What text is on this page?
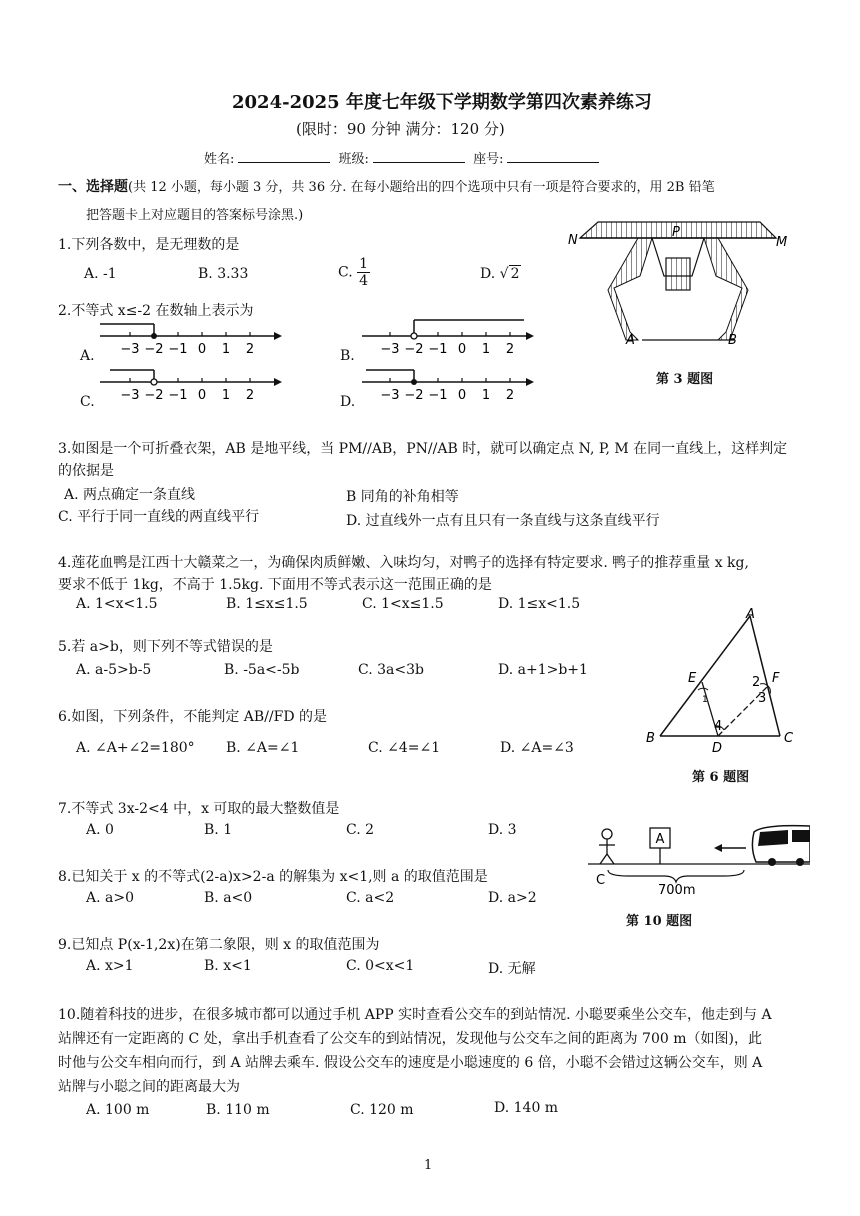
2024-2025 年度七年级下学期数学第四次素养练习
(限时：90 分钟 满分：120 分)
姓名:	班级:	座号:
一、选择题(共 12 小题，每小题 3 分，共 36 分. 在每小题给出的四个选项中只有一项是符合要求的，用 2B 铅笔
把答题卡上对应题目的答案标号涂黑.)
1.下列各数中，是无理数的是
A. -1	B. 3.33	C. $\frac{1}{4}$	D. √ 2
2.不等式 x≤-2 在数轴上表示为
A.	B.
C.	D.
−3 −2 −1 0 1 2	−3 −2 −1 0 1 2
−3 −2 −1 0 1 2	−3 −2 −1 0 1 2
N
P
M
A	B
第 3 题图
3.如图是一个可折叠衣架，AB 是地平线，当 PM//AB，PN//AB 时，就可以确定点 N, P, M 在同一直线上，这样判定
的依据是
A. 两点确定一条直线	B 同角的补角相等
C. 平行于同一直线的两直线平行	D. 过直线外一点有且只有一条直线与这条直线平行
4.莲花血鸭是江西十大赣菜之一，为确保肉质鲜嫩、入味均匀，对鸭子的选择有特定要求. 鸭子的推荐重量 x kg,
要求不低于 1kg，不高于 1.5kg. 下面用不等式表示这一范围正确的是
A. 1<x<1.5	B. 1≤x≤1.5	C. 1<x≤1.5	D. 1≤x<1.5
5.若 a>b，则下列不等式错误的是
A. a-5>b-5	B. -5a<-5b	C. 3a<3b	D. a+1>b+1
A
B	C
D
E	F
1
2
3
4
第 6 题图
6.如图，下列条件，不能判定 AB//FD 的是
A. ∠A+∠2=180° B. ∠A=∠1	C. ∠4=∠1	D. ∠A=∠3
7.不等式 3x-2<4 中，x 可取的最大整数值是
A. 0	B. 1	C. 2	D. 3
A
C
700m
第 10 题图
8.已知关于 x 的不等式(2-a)x>2-a 的解集为 x<1,则 a 的取值范围是
A. a>0	B. a<0	C. a<2	D. a>2
9.已知点 P(x-1,2x)在第二象限，则 x 的取值范围为
A. x>1	B. x<1	C. 0<x<1	D. 无解
10.随着科技的进步，在很多城市都可以通过手机 APP 实时查看公交车的到站情况. 小聪要乘坐公交车，他走到与 A
站牌还有一定距离的 C 处，拿出手机查看了公交车的到站情况，发现他与公交车之间的距离为 700 m（如图)，此
时他与公交车相向而行，到 A 站牌去乘车. 假设公交车的速度是小聪速度的 6 倍，小聪不会错过这辆公交车，则 A
站牌与小聪之间的距离最大为
A. 100 m	B. 110 m	C. 120 m	D. 140 m
1
